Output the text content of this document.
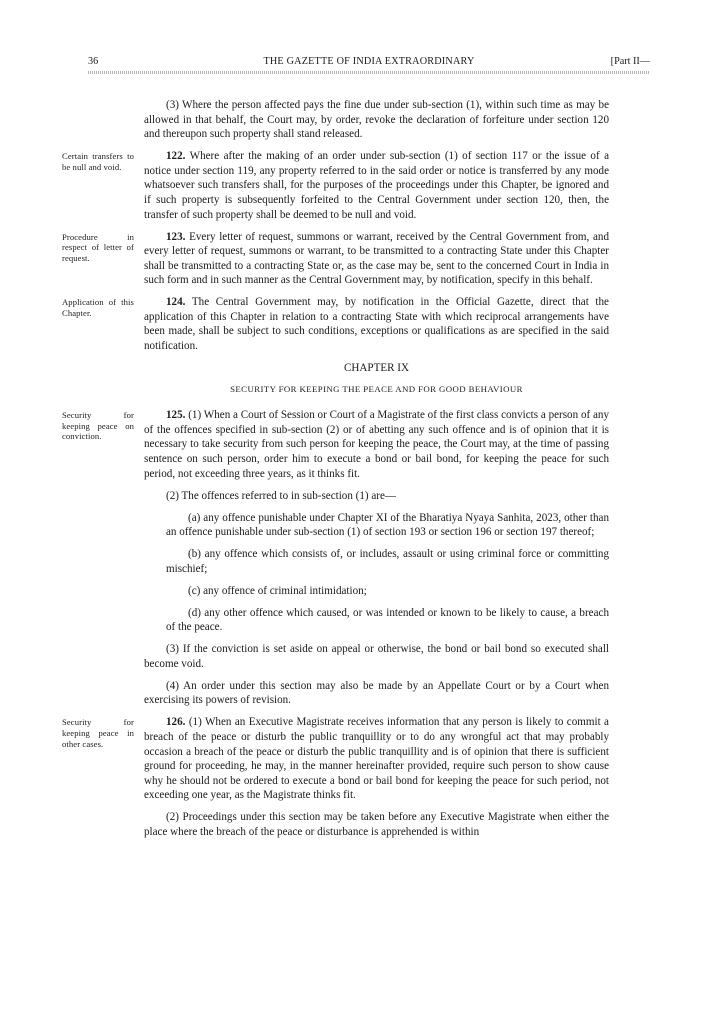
36	THE GAZETTE OF INDIA EXTRAORDINARY	[Part II—

(3) Where the person affected pays the fine due under sub-section (1), within such time as may be allowed in that behalf, the Court may, by order, revoke the declaration of forfeiture under section 120 and thereupon such property shall stand released.

Certain transfers to be null and void.
122. Where after the making of an order under sub-section (1) of section 117 or the issue of a notice under section 119, any property referred to in the said order or notice is transferred by any mode whatsoever such transfers shall, for the purposes of the proceedings under this Chapter, be ignored and if such property is subsequently forfeited to the Central Government under section 120, then, the transfer of such property shall be deemed to be null and void.

Procedure in respect of letter of request.
123. Every letter of request, summons or warrant, received by the Central Government from, and every letter of request, summons or warrant, to be transmitted to a contracting State under this Chapter shall be transmitted to a contracting State or, as the case may be, sent to the concerned Court in India in such form and in such manner as the Central Government may, by notification, specify in this behalf.

Application of this Chapter.
124. The Central Government may, by notification in the Official Gazette, direct that the application of this Chapter in relation to a contracting State with which reciprocal arrangements have been made, shall be subject to such conditions, exceptions or qualifications as are specified in the said notification.

CHAPTER IX

SECURITY FOR KEEPING THE PEACE AND FOR GOOD BEHAVIOUR

Security for keeping peace on conviction.
125. (1) When a Court of Session or Court of a Magistrate of the first class convicts a person of any of the offences specified in sub-section (2) or of abetting any such offence and is of opinion that it is necessary to take security from such person for keeping the peace, the Court may, at the time of passing sentence on such person, order him to execute a bond or bail bond, for keeping the peace for such period, not exceeding three years, as it thinks fit.

(2) The offences referred to in sub-section (1) are—

(a) any offence punishable under Chapter XI of the Bharatiya Nyaya Sanhita, 2023, other than an offence punishable under sub-section (1) of section 193 or section 196 or section 197 thereof;

(b) any offence which consists of, or includes, assault or using criminal force or committing mischief;

(c) any offence of criminal intimidation;

(d) any other offence which caused, or was intended or known to be likely to cause, a breach of the peace.

(3) If the conviction is set aside on appeal or otherwise, the bond or bail bond so executed shall become void.

(4) An order under this section may also be made by an Appellate Court or by a Court when exercising its powers of revision.

Security for keeping peace in other cases.
126. (1) When an Executive Magistrate receives information that any person is likely to commit a breach of the peace or disturb the public tranquillity or to do any wrongful act that may probably occasion a breach of the peace or disturb the public tranquillity and is of opinion that there is sufficient ground for proceeding, he may, in the manner hereinafter provided, require such person to show cause why he should not be ordered to execute a bond or bail bond for keeping the peace for such period, not exceeding one year, as the Magistrate thinks fit.

(2) Proceedings under this section may be taken before any Executive Magistrate when either the place where the breach of the peace or disturbance is apprehended is within
